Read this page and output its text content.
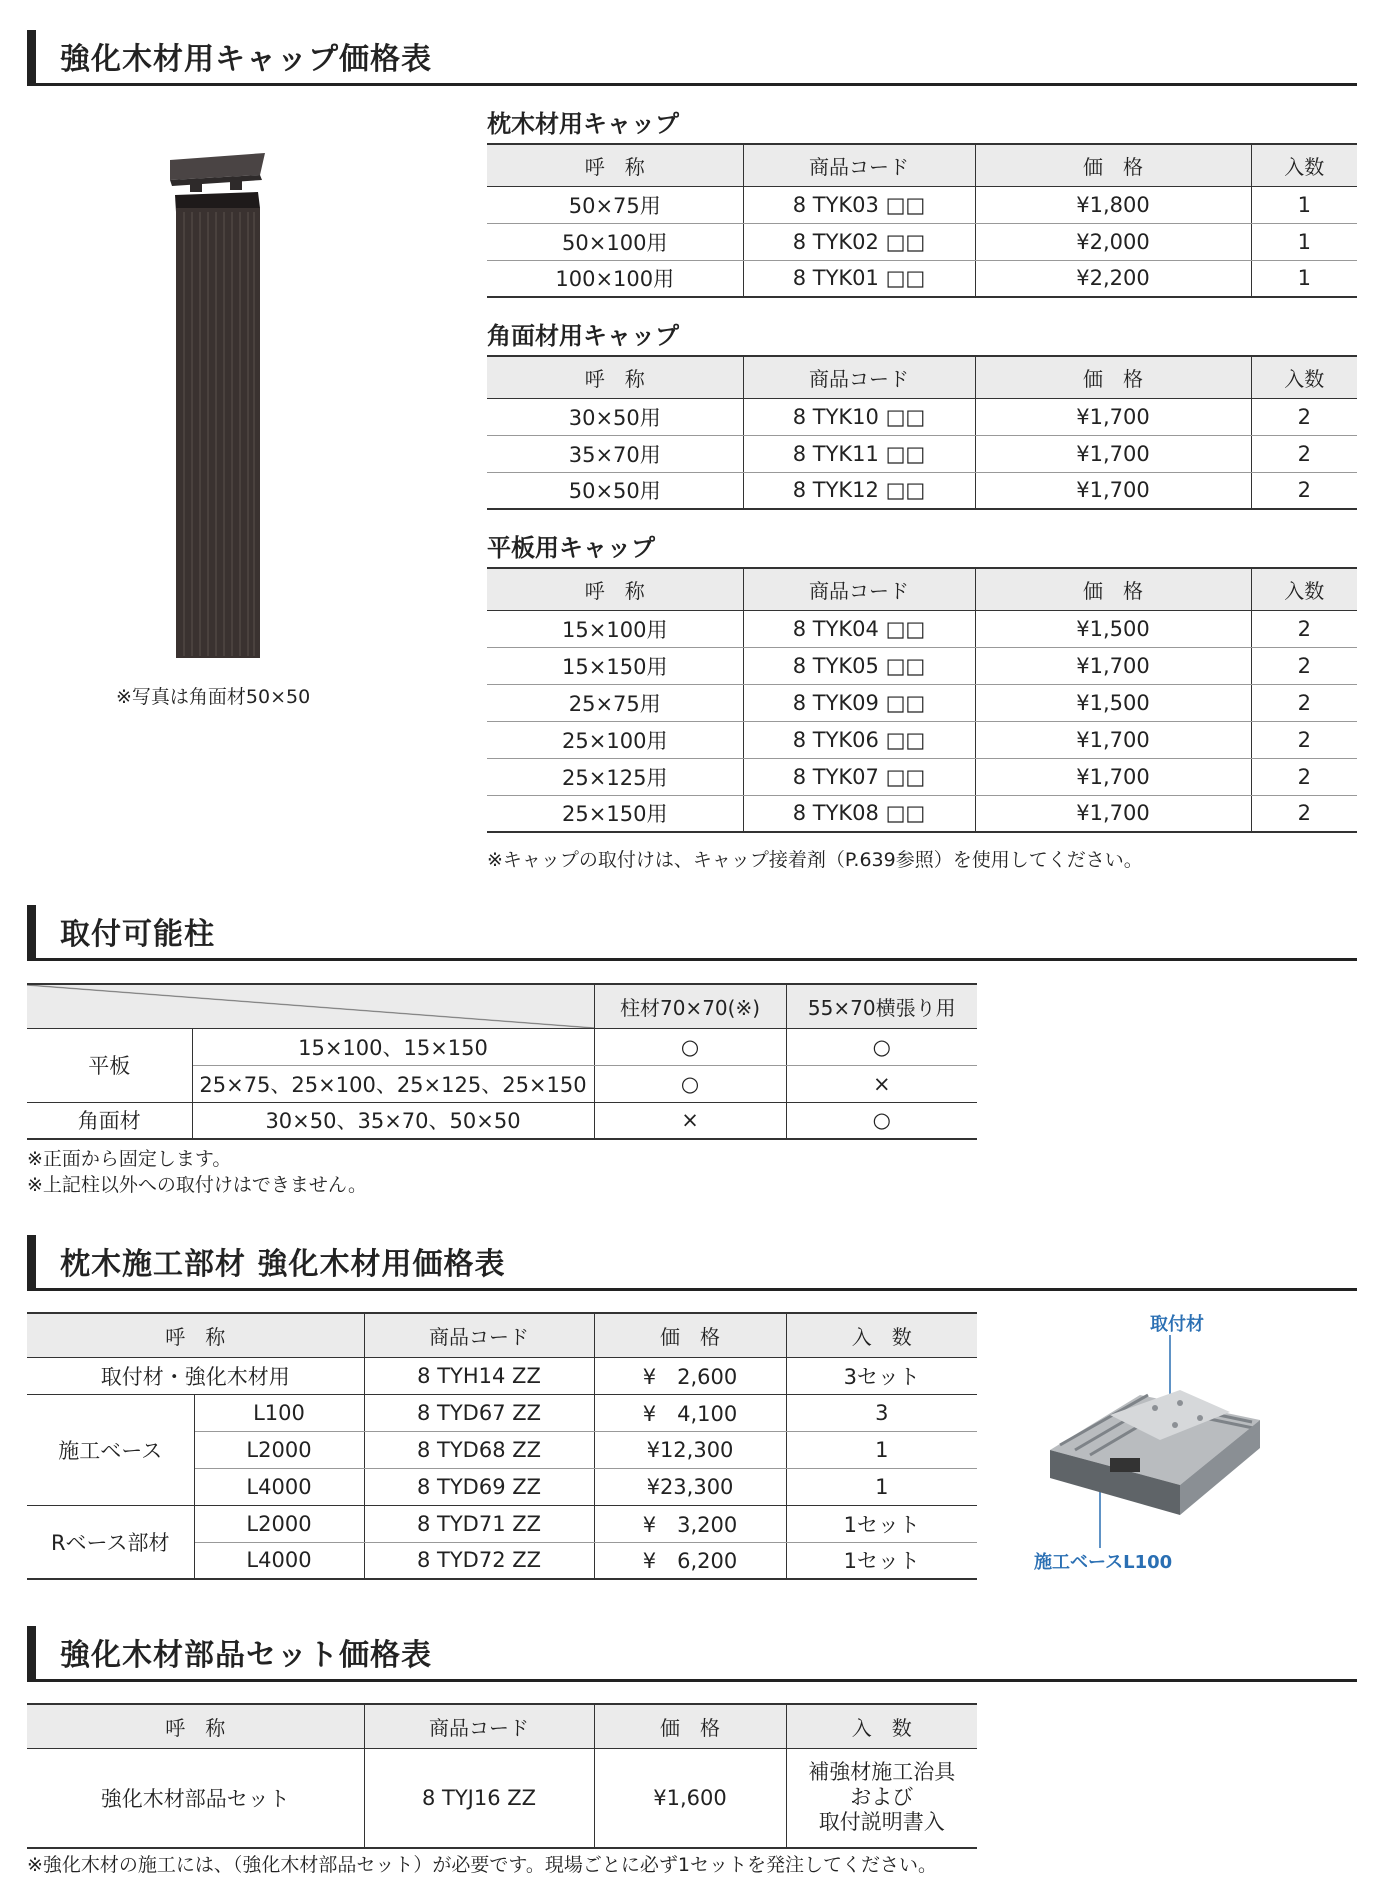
強化木材用キャップ価格表
※写真は角面材50×50
枕木材用キャップ
呼　称	商品コード	価　格	入数
50×75用	8 TYK03 □□	¥1,800	1
50×100用	8 TYK02 □□	¥2,000	1
100×100用	8 TYK01 □□	¥2,200	1
角面材用キャップ
呼　称	商品コード	価　格	入数
30×50用	8 TYK10 □□	¥1,700	2
35×70用	8 TYK11 □□	¥1,700	2
50×50用	8 TYK12 □□	¥1,700	2
平板用キャップ
呼　称	商品コード	価　格	入数
15×100用	8 TYK04 □□	¥1,500	2
15×150用	8 TYK05 □□	¥1,700	2
25×75用	8 TYK09 □□	¥1,500	2
25×100用	8 TYK06 □□	¥1,700	2
25×125用	8 TYK07 □□	¥1,700	2
25×150用	8 TYK08 □□	¥1,700	2
※キャップの取付けは、キャップ接着剤（P.639参照）を使用してください。
取付可能柱
		柱材70×70(※)	55×70横張り用
平板	15×100、15×150	○	○
	25×75、25×100、25×125、25×150	○	×
角面材	30×50、35×70、50×50	×	○
※正面から固定します。
※上記柱以外への取付けはできません。
枕木施工部材 強化木材用価格表
呼　称		商品コード	価　格	入　数
取付材・強化木材用		8 TYH14 ZZ	¥　2,600	3セット
施工ベース	L100	8 TYD67 ZZ	¥　4,100	3
	L2000	8 TYD68 ZZ	¥12,300	1
	L4000	8 TYD69 ZZ	¥23,300	1
Rベース部材	L2000	8 TYD71 ZZ	¥　3,200	1セット
	L4000	8 TYD72 ZZ	¥　6,200	1セット
取付材
施工ベースL100
強化木材部品セット価格表
呼　称	商品コード	価　格	入　数
強化木材部品セット	8 TYJ16 ZZ	¥1,600	補強材施工治具
および
取付説明書入
※強化木材の施工には、（強化木材部品セット）が必要です。現場ごとに必ず1セットを発注してください。
